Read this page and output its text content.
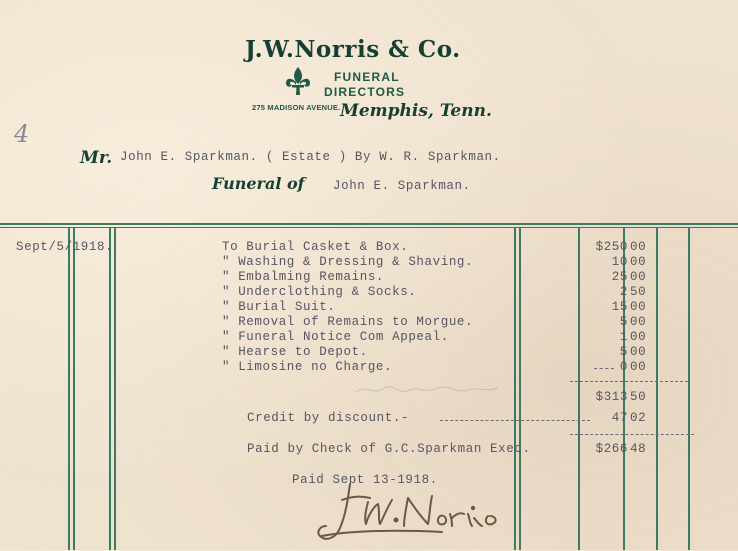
J.W.Norris & Co.
FUNERAL
DIRECTORS
275 MADISON AVENUE. Memphis, Tenn.
4
Mr. John E. Sparkman. ( Estate ) By W. R. Sparkman.
Funeral of John E. Sparkman.
Sept/5/1918.	To Burial Casket & Box.	$250 00
" Washing & Dressing & Shaving.	10 00
" Embalming Remains.	25 00
" Underclothing & Socks.	2 50
" Burial Suit.	15 00
" Removal of Remains to Morgue.	5 00
" Funeral Notice Com Appeal.	1 00
" Hearse to Depot.	5 00
" Limosine no Charge.	0 00
$313 50
Credit by discount.-	47 02
Paid by Check of G.C.Sparkman Exec.	$266 48
Paid Sept 13-1918.
